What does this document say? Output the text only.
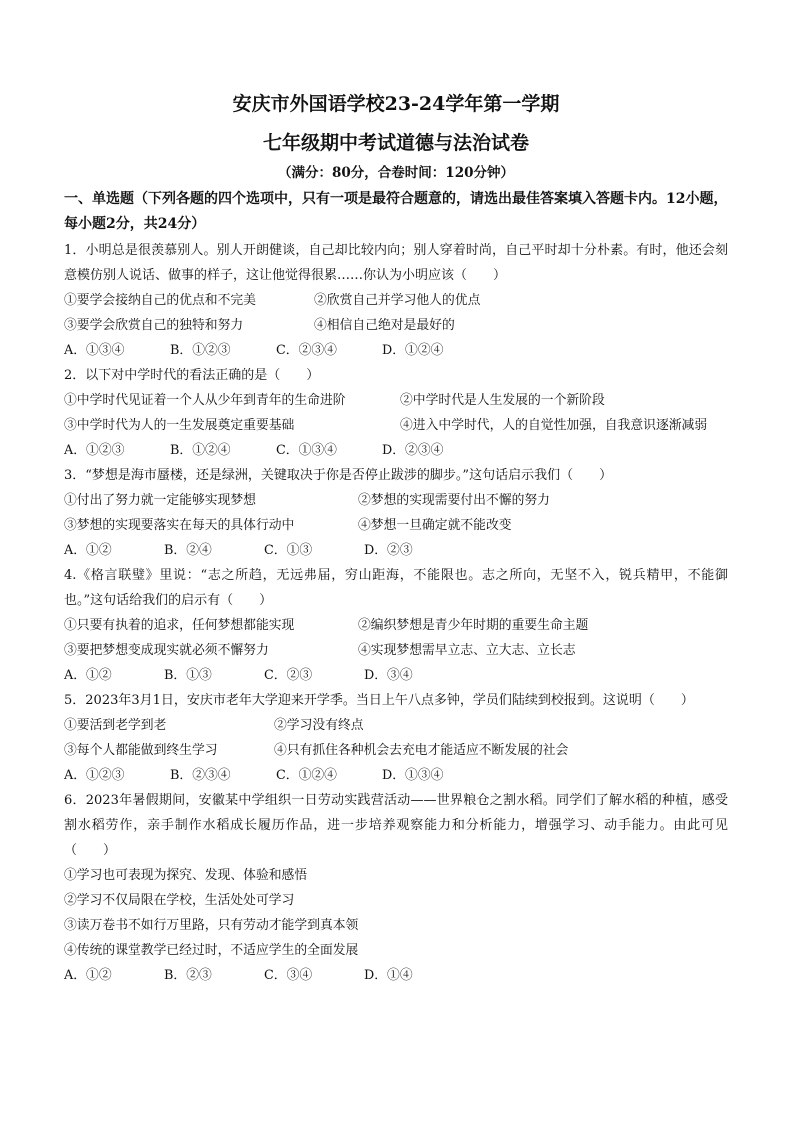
安庆市外国语学校23-24学年第一学期
七年级期中考试道德与法治试卷
（满分：80分，合卷时间：120分钟）
一、单选题（下列各题的四个选项中，只有一项是最符合题意的，请选出最佳答案填入答题卡内。12小题，每小题2分，共24分）
1．小明总是很羡慕别人。别人开朗健谈，自己却比较内向；别人穿着时尚，自己平时却十分朴素。有时，他还会刻意模仿别人说话、做事的样子，这让他觉得很累……你认为小明应该（　　）
①要学会接纳自己的优点和不完美	②欣赏自己并学习他人的优点
③要学会欣赏自己的独特和努力	④相信自己绝对是最好的
A．①③④	B．①②③	C．②③④	D．①②④
2．以下对中学时代的看法正确的是（　　）
①中学时代见证着一个人从少年到青年的生命进阶	②中学时代是人生发展的一个新阶段
③中学时代为人的一生发展奠定重要基础	④进入中学时代，人的自觉性加强，自我意识逐渐减弱
A．①②③	B．①②④	C．①③④	D．②③④
3．“梦想是海市蜃楼，还是绿洲，关键取决于你是否停止跋涉的脚步。”这句话启示我们（　　）
①付出了努力就一定能够实现梦想	②梦想的实现需要付出不懈的努力
③梦想的实现要落实在每天的具体行动中	④梦想一旦确定就不能改变
A．①②	B．②④	C．①③	D．②③
4.《格言联璧》里说：“志之所趋，无远弗届，穷山距海，不能限也。志之所向，无坚不入，锐兵精甲，不能御也。”这句话给我们的启示有（　　）
①只要有执着的追求，任何梦想都能实现	②编织梦想是青少年时期的重要生命主题
③要把梦想变成现实就必须不懈努力	④实现梦想需早立志、立大志、立长志
A．①②	B．①③	C．②③	D．③④
5．2023年3月1日，安庆市老年大学迎来开学季。当日上午八点多钟，学员们陆续到校报到。这说明（　　）
①要活到老学到老	②学习没有终点
③每个人都能做到终生学习	④只有抓住各种机会去充电才能适应不断发展的社会
A．①②③	B．②③④	C．①②④	D．①③④
6．2023年暑假期间，安徽某中学组织一日劳动实践营活动——世界粮仓之割水稻。同学们了解水稻的种植，感受割水稻劳作，亲手制作水稻成长履历作品，进一步培养观察能力和分析能力，增强学习、动手能力。由此可见（　　）
①学习也可表现为探究、发现、体验和感悟
②学习不仅局限在学校，生活处处可学习
③读万卷书不如行万里路，只有劳动才能学到真本领
④传统的课堂教学已经过时，不适应学生的全面发展
A．①②	B．②③	C．③④	D．①④
